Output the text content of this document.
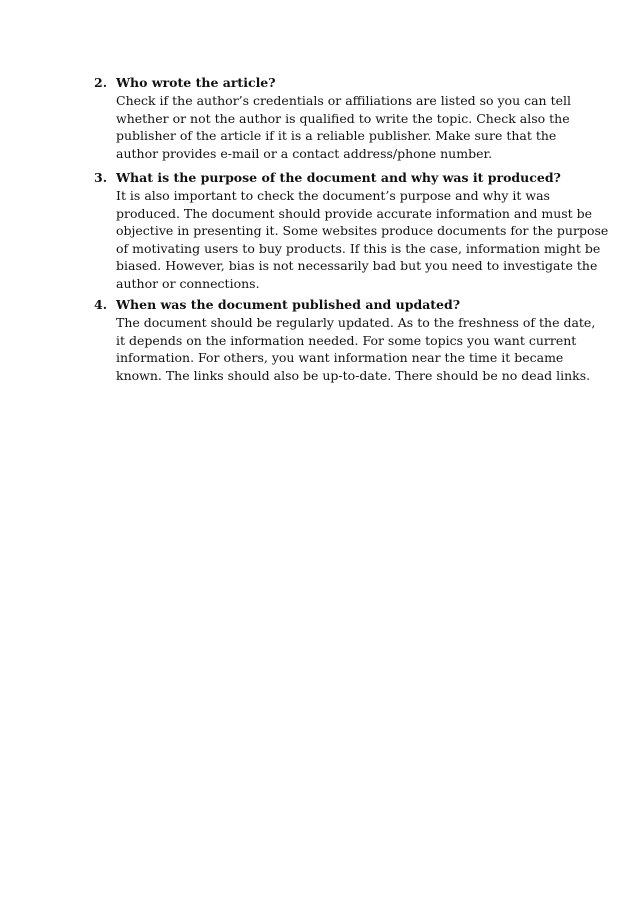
2. Who wrote the article?
Check if the author’s credentials or affiliations are listed so you can tell
whether or not the author is qualified to write the topic. Check also the
publisher of the article if it is a reliable publisher. Make sure that the
author provides e-mail or a contact address/phone number.
3. What is the purpose of the document and why was it produced?
It is also important to check the document’s purpose and why it was
produced. The document should provide accurate information and must be
objective in presenting it. Some websites produce documents for the purpose
of motivating users to buy products. If this is the case, information might be
biased. However, bias is not necessarily bad but you need to investigate the
author or connections.
4. When was the document published and updated?
The document should be regularly updated. As to the freshness of the date,
it depends on the information needed. For some topics you want current
information. For others, you want information near the time it became
known. The links should also be up-to-date. There should be no dead links.
